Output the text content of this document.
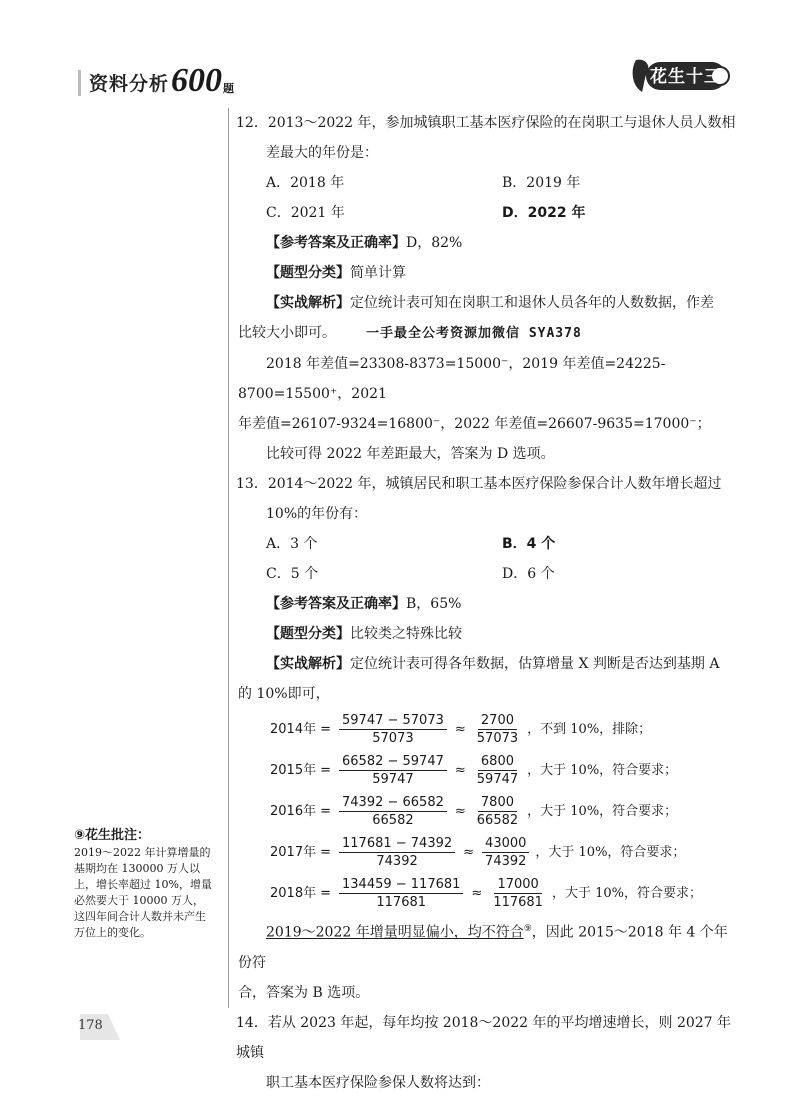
资料分析 600 题
花生十三

12．2013～2022 年，参加城镇职工基本医疗保险的在岗职工与退休人员人数相

差最大的年份是：

A．2018 年	B．2019 年
C．2021 年	D．2022 年

【参考答案及正确率】D，82%

【题型分类】简单计算

【实战解析】定位统计表可知在岗职工和退休人员各年的人数数据，作差

比较大小即可。 一手最全公考资源加微信 SYA378

2018 年差值=23308-8373=15000⁻，2019 年差值=24225-8700=15500⁺，2021

年差值=26107-9324=16800⁻，2022 年差值=26607-9635=17000⁻；

比较可得 2022 年差距最大，答案为 D 选项。

13．2014～2022 年，城镇居民和职工基本医疗保险参保合计人数年增长超过

10%的年份有：

A．3 个	B．4 个
C．5 个	D．6 个

【参考答案及正确率】B，65%

【题型分类】比较类之特殊比较

【实战解析】定位统计表可得各年数据，估算增量 X 判断是否达到基期 A

的 10%即可，

2014年 = $\frac{59747 - 57073}{57073} \approx \frac{2700}{57073}$ ，不到 10%，排除；
2015年 = $\frac{66582 - 59747}{59747} \approx \frac{6800}{59747}$ ，大于 10%，符合要求；
2016年 = $\frac{74392 - 66582}{66582} \approx \frac{7800}{66582}$ ，大于 10%，符合要求；
2017年 = $\frac{117681 - 74392}{74392} \approx \frac{43000}{74392}$ ，大于 10%，符合要求；
2018年 = $\frac{134459 - 117681}{117681} \approx \frac{17000}{117681}$ ，大于 10%，符合要求；

2019～2022 年增量明显偏小，均不符合⑨，因此 2015～2018 年 4 个年份符

合，答案为 B 选项。

14．若从 2023 年起，每年均按 2018～2022 年的平均增速增长，则 2027 年城镇

职工基本医疗保险参保人数将达到：

⑨花生批注：
2019～2022 年计算增量的基期均在 130000 万人以上，增长率超过 10%，增量必然要大于 10000 万人，这四年间合计人数并未产生万位上的变化。
178
